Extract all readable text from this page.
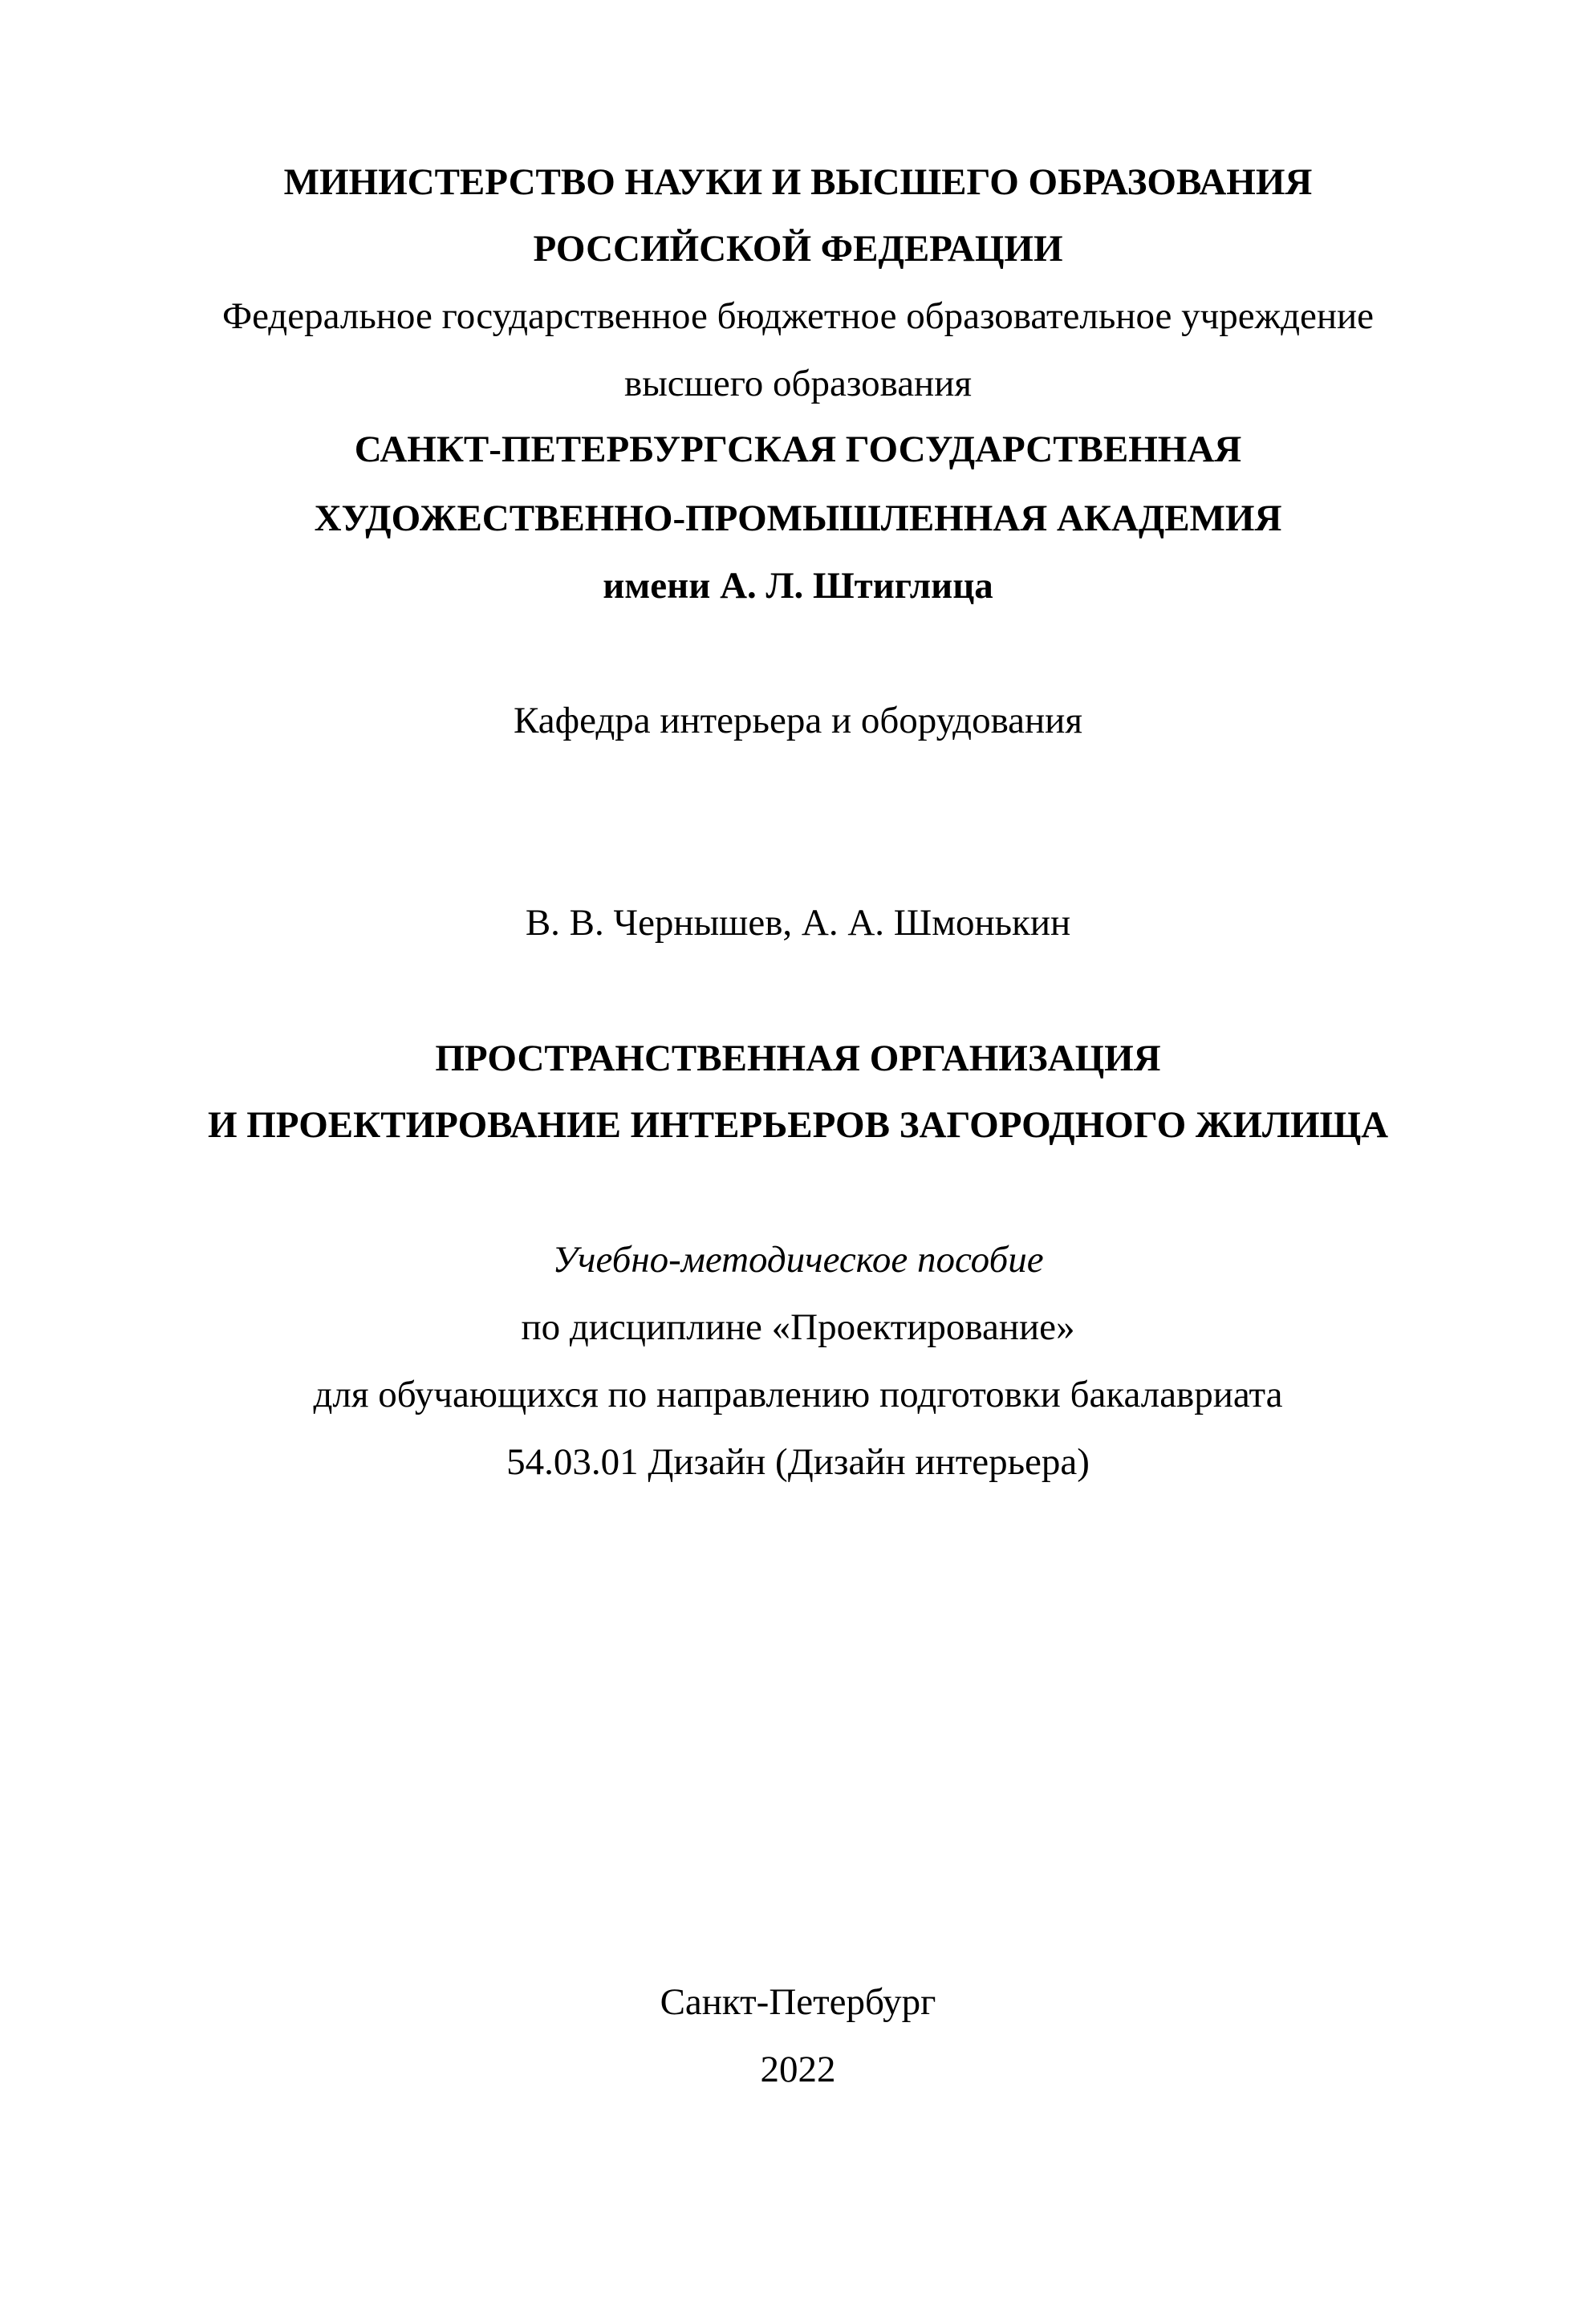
МИНИСТЕРСТВО НАУКИ И ВЫСШЕГО ОБРАЗОВАНИЯ
РОССИЙСКОЙ ФЕДЕРАЦИИ
Федеральное государственное бюджетное образовательное учреждение
высшего образования
САНКТ-ПЕТЕРБУРГСКАЯ ГОСУДАРСТВЕННАЯ
ХУДОЖЕСТВЕННО-ПРОМЫШЛЕННАЯ АКАДЕМИЯ
имени А. Л. Штиглица
Кафедра интерьера и оборудования
В. В. Чернышев, А. А. Шмонькин
ПРОСТРАНСТВЕННАЯ ОРГАНИЗАЦИЯ
И ПРОЕКТИРОВАНИЕ ИНТЕРЬЕРОВ ЗАГОРОДНОГО ЖИЛИЩА
Учебно-методическое пособие
по дисциплине «Проектирование»
для обучающихся по направлению подготовки бакалавриата
54.03.01 Дизайн (Дизайн интерьера)
Санкт-Петербург
2022
